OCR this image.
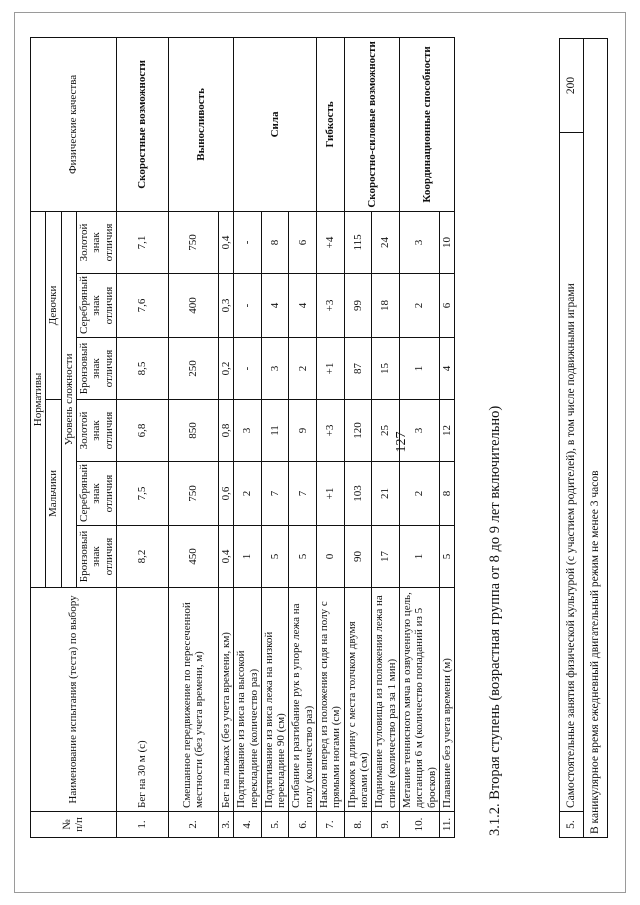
127
5.	Самостоятельные занятия физической культурой (с участием родителей), в том числе подвижными играми	200
В каникулярное время ежедневный двигательный режим не менее 3 часов
3.1.2. Вторая ступень (возрастная группа от 8 до 9 лет включительно)
№ п/п	Наименование испытания (теста) по выбору	Нормативы						Физические качества
		Мальчики			Девочки			
		Уровень сложности						
		Бронзовый знак отличия	Серебряный знак отличия	Золотой знак отличия	Бронзовый знак отличия	Серебряный знак отличия	Золотой знак отличия	
1.	Бег на 30 м (с)	8,2	7,5	6,8	8,5	7,6	7,1	Скоростные возможности
2.	Смешанное передвижение по пересеченной местности (без учета времени, м)	450	750	850	250	400	750	Выносливость
3.	Бег на лыжах (без учета времени, км)	0,4	0,6	0,8	0,2	0,3	0,4	
4.	Подтягивание из виса на высокой перекладине (количество раз)	1	2	3	-	-	-	Сила
5.	Подтягивание из виса лежа на низкой перекладине 90 (см)	5	7	11	3	4	8	
6.	Сгибание и разгибание рук в упоре лежа на полу (количество раз)	5	7	9	2	4	6	
7.	Наклон вперед из положения сидя на полу с прямыми ногами (см)	0	+1	+3	+1	+3	+4	Гибкость
8.	Прыжок в длину с места толчком двумя ногами (см)	90	103	120	87	99	115	Скоростно-силовые возможности
9.	Поднимание туловища из положения лежа на спине (количество раз за 1 мин)	17	21	25	15	18	24	
10.	Метание теннисного мяча в озвученную цель, дистанция 6 м (количество попаданий из 5 бросков)	1	2	3	1	2	3	Координационные способности
11.	Плавание без учета времени (м)	5	8	12	4	6	10	
